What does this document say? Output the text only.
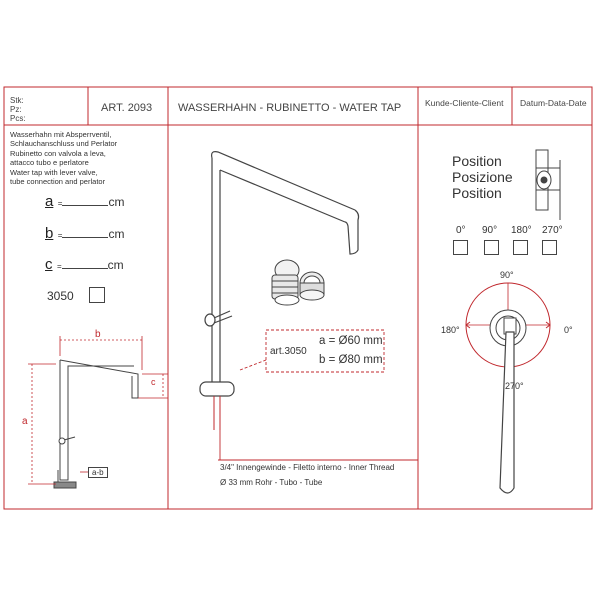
Stk:
Pz:
Pcs:
ART. 2093 WASSERHAHN - RUBINETTO - WATER TAP	Kunde-Cliente-Client Datum-Data-Date
Wasserhahn mit Absperrventil,
Schlauchanschluss und Perlator
Rubinetto con valvola a leva,
attacco tubo e perlatore
Water tap with lever valve,
tube connection and perlator
a =	cm
b =	cm
c =	cm
3050
b
a
c
a-b
art.3050
a = Ø60 mm
b = Ø80 mm
3/4" Innengewinde - Filetto interno - Inner Thread
Ø 33 mm Rohr - Tubo - Tube
Position
Posizione
Position
0° 90° 180° 270°
90°
180°	0°
270°
